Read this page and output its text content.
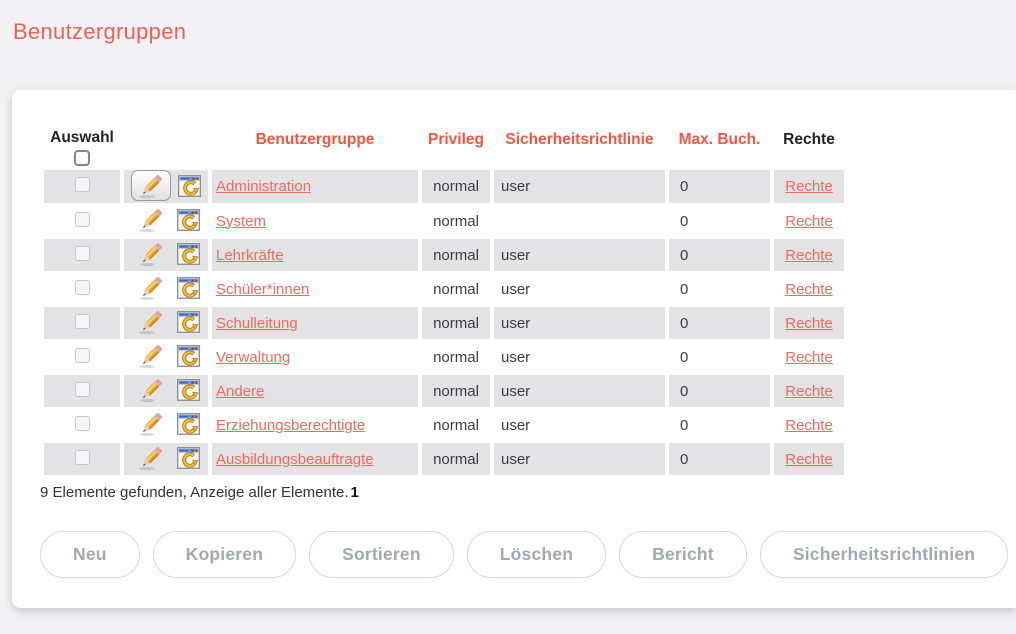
Benutzergruppen
Auswahl		Benutzergruppe	Privileg	Sicherheitsrichtlinie	Max. Buch.	Rechte

	Administration	normal	user	0	Rechte

	System	normal		0	Rechte

	Lehrkräfte	normal	user	0	Rechte

	Schüler*innen	normal	user	0	Rechte

	Schulleitung	normal	user	0	Rechte

	Verwaltung	normal	user	0	Rechte

	Andere	normal	user	0	Rechte

	Erziehungsberechtigte	normal	user	0	Rechte

	Ausbildungsbeauftragte	normal	user	0	Rechte
9 Elemente gefunden, Anzeige aller Elemente. 1
Neu	Kopieren	Sortieren	Löschen	Bericht	Sicherheitsrichtlinien
